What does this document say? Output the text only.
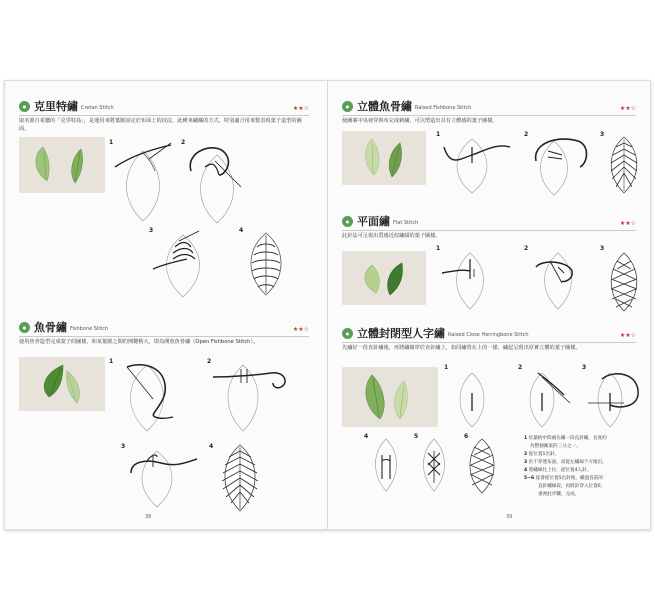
● 克里特繡 Cretan Stitch	★★☆
取名源自希臘的「克里特島」，是運用來將葉脈固定於布面上的技法，此種來繡織的方式，特別適合用來製表現葉子造型的圖面。
1	2
3	4
● 魚骨繡 Fishbone Stitch	★★☆
使用魚骨造型完成葉子的圖樣，和某葉脈之間的開鍵稍大，即為開放魚骨繡（Open Fishbone Stitch）。
1	2
3	4
38
● 立體魚骨繡 Raised Fishbone Stitch	★★☆
使圖案中央發穿與布完成刺繡，可以塑造出具有立體感的葉子圖樣。
1	2	3
● 平面繡 Flat Stitch	★★☆
此針法可呈現出質感近似繡綴的葉子圖樣。
1	2	3
● 立體封閉型人字繡 Raised Close Herringbone Stitch	★★☆
先繡好一段直針繡後，再將繡線穿於直針繡上，如同繡置在上的一樣，繡起呈現出厚實立體的葉子圖樣。
1	2	3
4	5	6	1 於葉柄中間處先繡一段直針繡，長度約
為整個圖案的三分之一。
2 從位置1出針。
3 於不穿透布面，而從左繡線下方繞出。
4 將繡線往上拉，從位置4入針。
5~6 從會從位置5出針後，繡過直前的
直針繡線段，再將針穿入位置6，
重複此步驟，完成。
39
